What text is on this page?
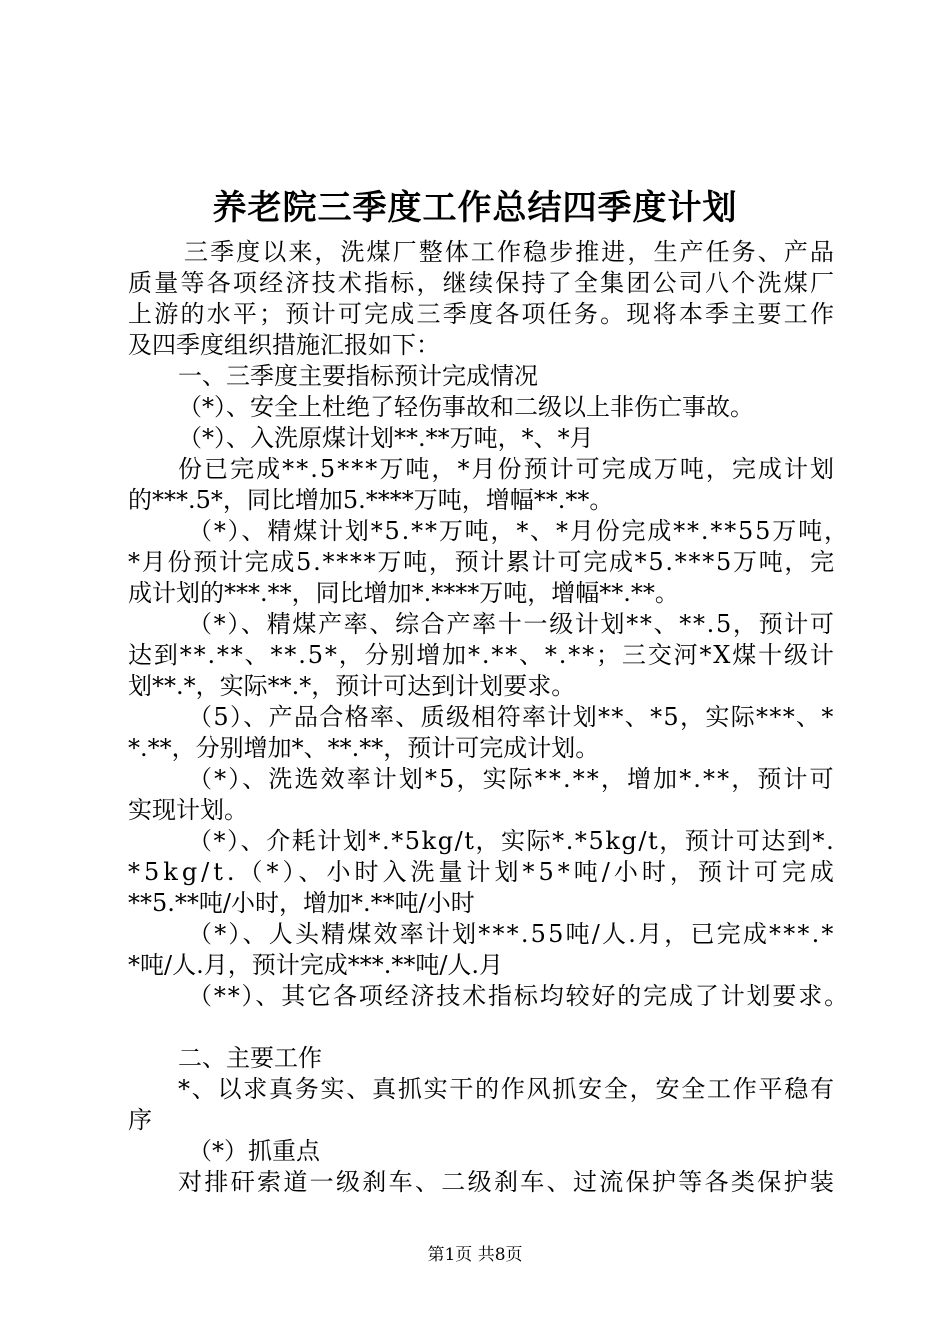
养老院三季度工作总结四季度计划
三季度以来，洗煤厂整体工作稳步推进，生产任务、产品
质量等各项经济技术指标，继续保持了全集团公司八个洗煤厂
上游的水平；预计可完成三季度各项任务。现将本季主要工作
及四季度组织措施汇报如下：
一、三季度主要指标预计完成情况
（*）、安全上杜绝了轻伤事故和二级以上非伤亡事故。
（*）、入洗原煤计划**.**万吨，*、*月
份已完成**.5***万吨，*月份预计可完成万吨，完成计划
的***.5*，同比增加5.****万吨，增幅**.**。
（*）、精煤计划*5.**万吨，*、*月份完成**.**55万吨，
*月份预计完成5.****万吨，预计累计可完成*5.***5万吨，完
成计划的***.**，同比增加*.****万吨，增幅**.**。
（*）、精煤产率、综合产率十一级计划**、**.5，预计可
达到**.**、**.5*，分别增加*.**、*.**；三交河*X煤十级计
划**.*，实际**.*，预计可达到计划要求。
（5）、产品合格率、质级相符率计划**、*5，实际***、*
*.**，分别增加*、**.**，预计可完成计划。
（*）、洗选效率计划*5，实际**.**，增加*.**，预计可
实现计划。
（*）、介耗计划*.*5kg/t，实际*.*5kg/t，预计可达到*.
*5kg/t.（*）、小时入洗量计划*5*吨/小时，预计可完成
**5.**吨/小时，增加*.**吨/小时
（*）、人头精煤效率计划***.55吨/人.月，已完成***.*
*吨/人.月，预计完成***.**吨/人.月
（**）、其它各项经济技术指标均较好的完成了计划要求。
二、主要工作
*、以求真务实、真抓实干的作风抓安全，安全工作平稳有
序
（*）抓重点
对排矸索道一级刹车、二级刹车、过流保护等各类保护装
第1页 共8页
